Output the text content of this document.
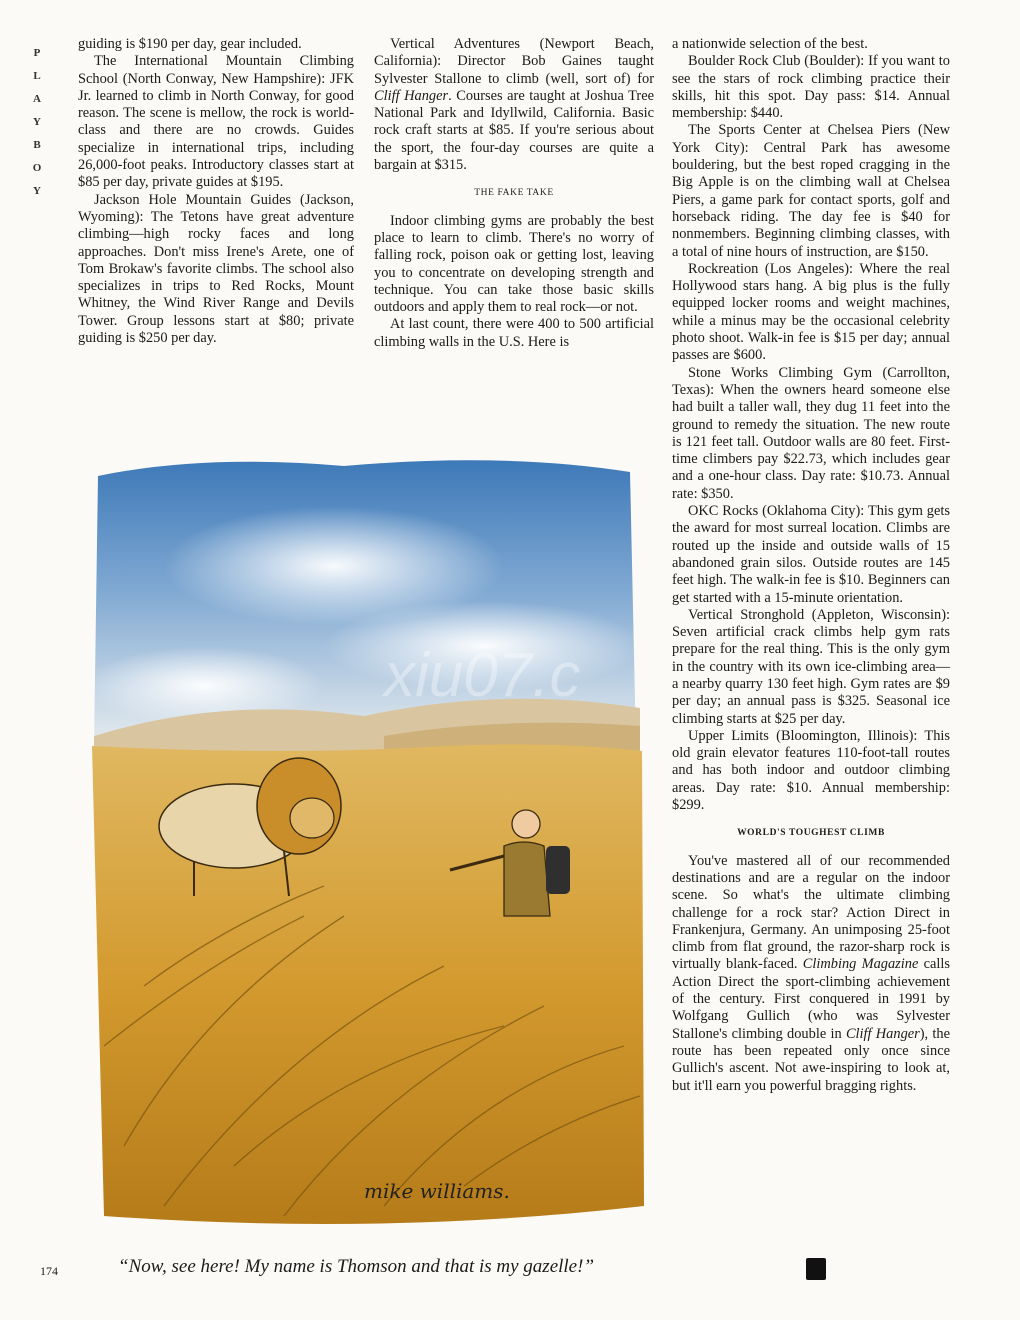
P
L
A
Y
B
O
Y

guiding is $190 per day, gear included.

The International Mountain Climbing School (North Conway, New Hampshire): JFK Jr. learned to climb in North Conway, for good reason. The scene is mellow, the rock is world-class and there are no crowds. Guides specialize in international trips, including 26,000-foot peaks. Introductory classes start at $85 per day, private guides at $195.

Jackson Hole Mountain Guides (Jackson, Wyoming): The Tetons have great adventure climbing—high rocky faces and long approaches. Don't miss Irene's Arete, one of Tom Brokaw's favorite climbs. The school also specializes in trips to Red Rocks, Mount Whitney, the Wind River Range and Devils Tower. Group lessons start at $80; private guiding is $250 per day.

Vertical Adventures (Newport Beach, California): Director Bob Gaines taught Sylvester Stallone to climb (well, sort of) for Cliff Hanger. Courses are taught at Joshua Tree National Park and Idyllwild, California. Basic rock craft starts at $85. If you're serious about the sport, the four-day courses are quite a bargain at $315.

THE FAKE TAKE

Indoor climbing gyms are probably the best place to learn to climb. There's no worry of falling rock, poison oak or getting lost, leaving you to concentrate on developing strength and technique. You can take those basic skills outdoors and apply them to real rock—or not.

At last count, there were 400 to 500 artificial climbing walls in the U.S. Here is

a nationwide selection of the best.

Boulder Rock Club (Boulder): If you want to see the stars of rock climbing practice their skills, hit this spot. Day pass: $14. Annual membership: $440.

The Sports Center at Chelsea Piers (New York City): Central Park has awesome bouldering, but the best roped cragging in the Big Apple is on the climbing wall at Chelsea Piers, a game park for contact sports, golf and horseback riding. The day fee is $40 for nonmembers. Beginning climbing classes, with a total of nine hours of instruction, are $150.

Rockreation (Los Angeles): Where the real Hollywood stars hang. A big plus is the fully equipped locker rooms and weight machines, while a minus may be the occasional celebrity photo shoot. Walk-in fee is $15 per day; annual passes are $600.

Stone Works Climbing Gym (Carrollton, Texas): When the owners heard someone else had built a taller wall, they dug 11 feet into the ground to remedy the situation. The new route is 121 feet tall. Outdoor walls are 80 feet. First-time climbers pay $22.73, which includes gear and a one-hour class. Day rate: $10.73. Annual rate: $350.

OKC Rocks (Oklahoma City): This gym gets the award for most surreal location. Climbs are routed up the inside and outside walls of 15 abandoned grain silos. Outside routes are 145 feet high. The walk-in fee is $10. Beginners can get started with a 15-minute orientation.

Vertical Stronghold (Appleton, Wisconsin): Seven artificial crack climbs help gym rats prepare for the real thing. This is the only gym in the country with its own ice-climbing area—a nearby quarry 130 feet high. Gym rates are $9 per day; an annual pass is $325. Seasonal ice climbing starts at $25 per day.

Upper Limits (Bloomington, Illinois): This old grain elevator features 110-foot-tall routes and has both indoor and outdoor climbing areas. Day rate: $10. Annual membership: $299.

WORLD'S TOUGHEST CLIMB

You've mastered all of our recommended destinations and are a regular on the indoor scene. So what's the ultimate climbing challenge for a rock star? Action Direct in Frankenjura, Germany. An unimposing 25-foot climb from flat ground, the razor-sharp rock is virtually blank-faced. Climbing Magazine calls Action Direct the sport-climbing achievement of the century. First conquered in 1991 by Wolfgang Gullich (who was Sylvester Stallone's climbing double in Cliff Hanger), the route has been repeated only once since Gullich's ascent. Not awe-inspiring to look at, but it'll earn you powerful bragging rights.

xiu07.c
mike williams.
“Now, see here! My name is Thomson and that is my gazelle!”
174
